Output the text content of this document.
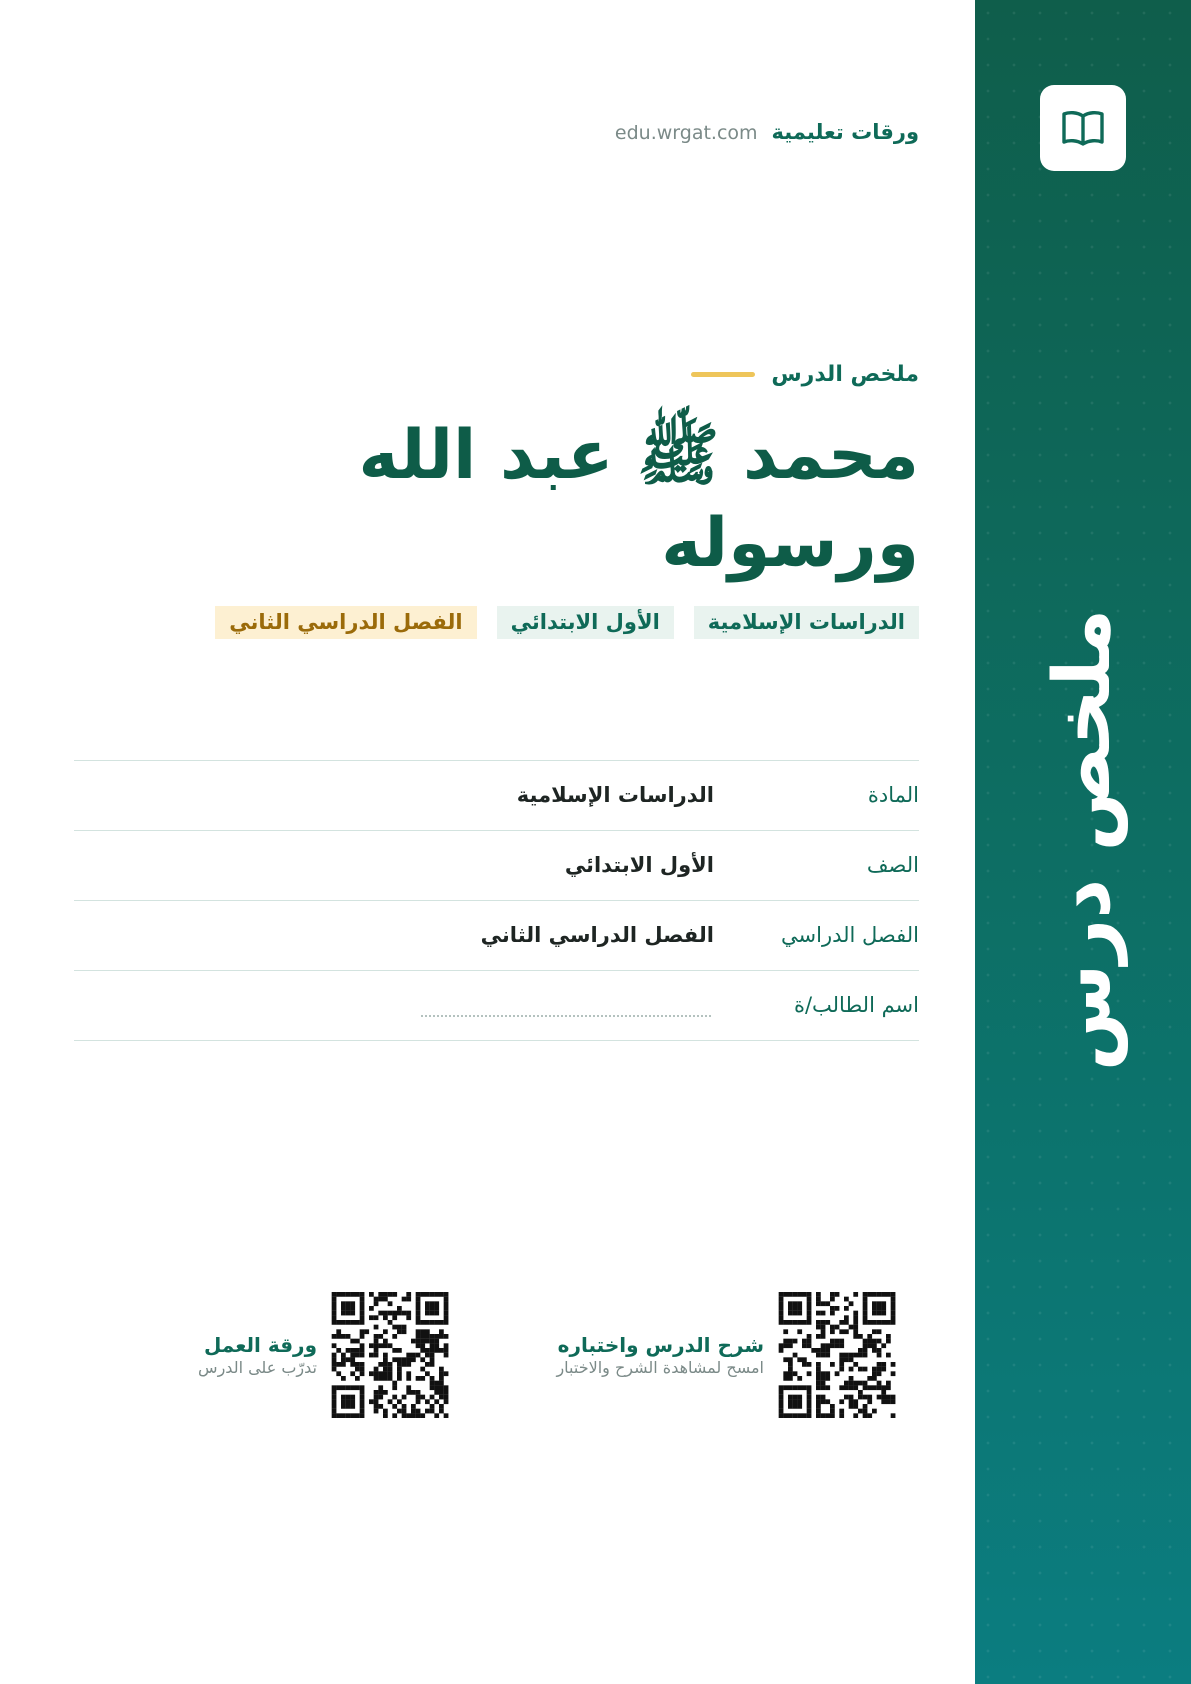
ملخص درس
ورقات تعليمية
edu.wrgat.com
ملخص الدرس
محمد ﷺ عبد الله ورسوله
الدراسات الإسلامية
الأول الابتدائي
الفصل الدراسي الثاني
المادة
الدراسات الإسلامية
الصف
الأول الابتدائي
الفصل الدراسي
الفصل الدراسي الثاني
اسم الطالب/ة
شرح الدرس واختباره
امسح لمشاهدة الشرح والاختبار
ورقة العمل
تدرّب على الدرس
